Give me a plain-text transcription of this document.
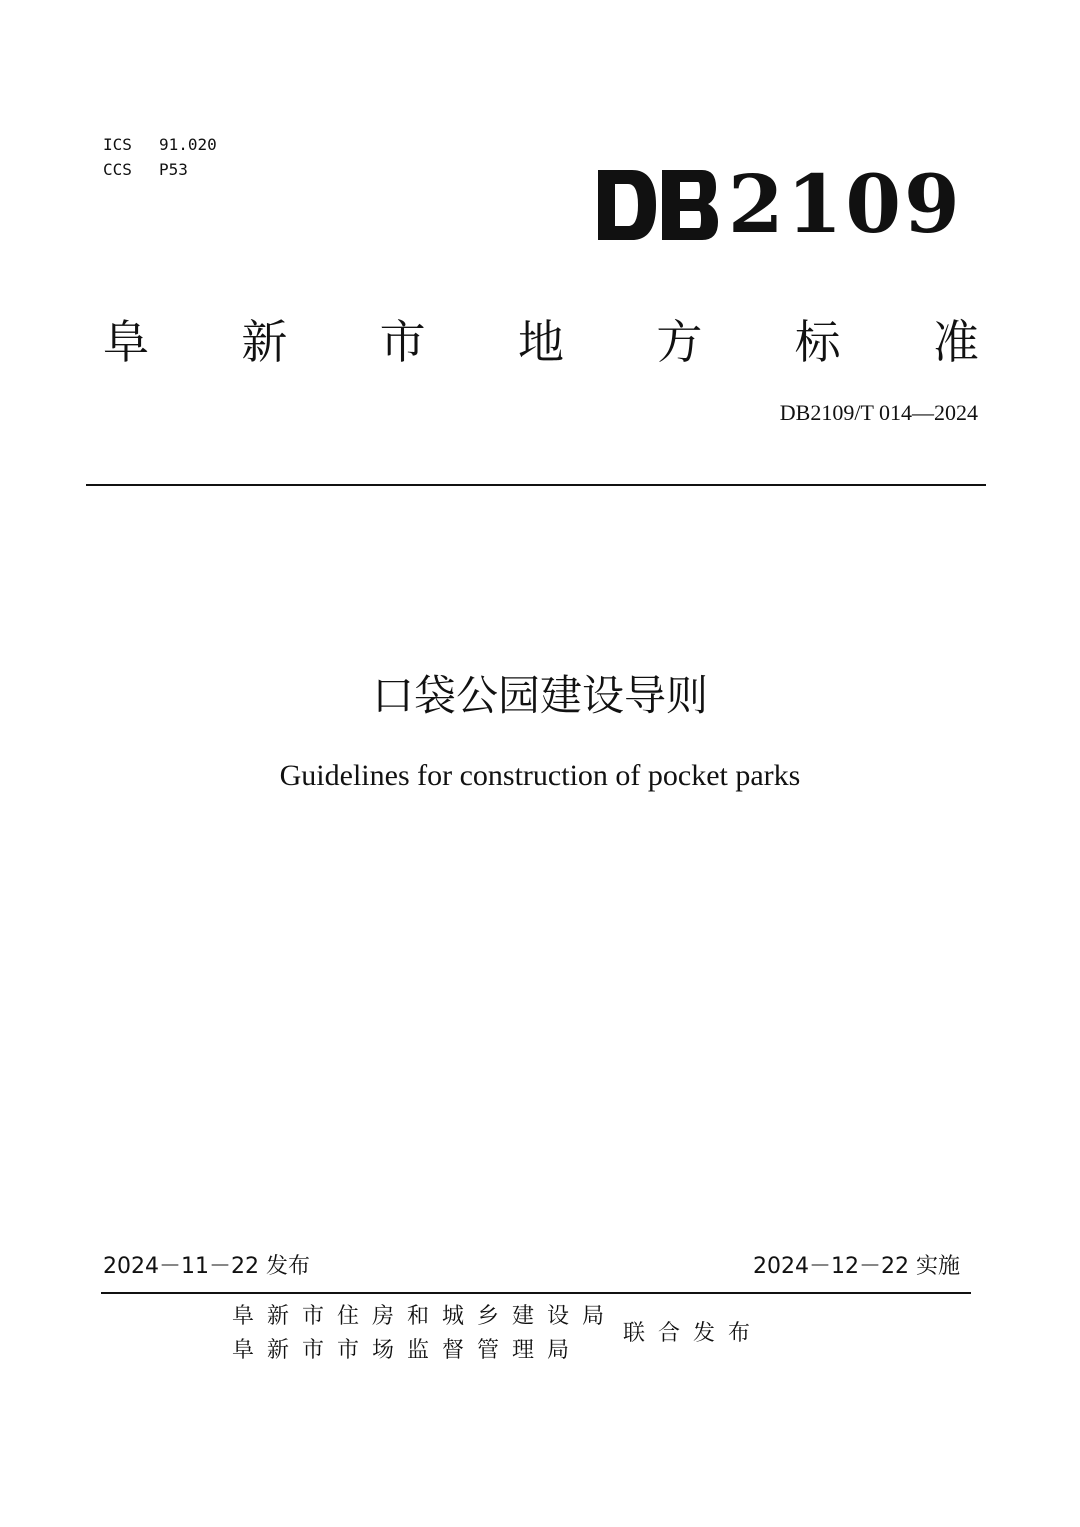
ICS	91.020
CCS	P53	2109
阜 新 市 地 方 标 准
DB2109/T 014—2024
口袋公园建设导则
Guidelines for construction of pocket parks
2024－11－22 发布	2024－12－22 实施
阜新市住房和城乡建设局
阜新市市场监督管理局
联合发布
